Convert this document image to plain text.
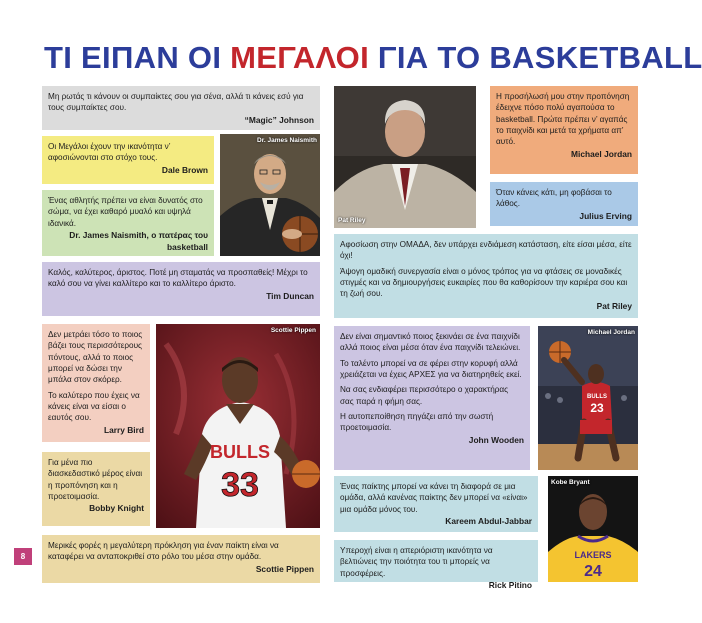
ΤΙ ΕΙΠΑΝ ΟΙ ΜΕΓΑΛΟΙ ΓΙΑ ΤΟ BASKETBALL

Μη ρωτάς τι κάνουν οι συμπαίκτες σου για σένα, αλλά τι κάνεις εσύ για τους συμπαίκτες σου.

“Magic” Johnson

Οι Μεγάλοι έχουν την ικανότητα ν’ αφοσιώνονται στο στόχο τους.

Dale Brown

Ένας αθλητής πρέπει να είναι δυνατός στο σώμα, να έχει καθαρό μυαλό και υψηλά ιδανικά.

Dr. James Naismith, ο πατέρας του basketball
Dr. James Naismith

Καλός, καλύτερος, άριστος. Ποτέ μη σταματάς να προσπαθείς! Μέχρι το καλό σου να γίνει καλλίτερο και το καλλίτερο άριστο.

Tim Duncan

Δεν μετράει τόσο το ποιος βάζει τους περισσότερους πόντους, αλλά το ποιος μπορεί να δώσει την μπάλα στον σκόρερ.

Το καλύτερο που έχεις να κάνεις είναι να είσαι ο εαυτός σου.

Larry Bird

Για μένα πιο διασκεδαστικό μέρος είναι η προπόνηση και η προετοιμασία.

Bobby Knight
BULLS
33
Scottie Pippen

Μερικές φορές η μεγαλύτερη πρόκληση για έναν παίκτη είναι να καταφέρει να ανταποκριθεί στο ρόλο του μέσα στην ομάδα.

Scottie Pippen
Pat Riley

Η προσήλωσή μου στην προπόνηση έδειχνε πόσο πολύ αγαπούσα το basketball. Πρώτα πρέπει ν’ αγαπάς το παιχνίδι και μετά τα χρήματα απ’ αυτό.

Michael Jordan

Όταν κάνεις κάτι, μη φοβάσαι το λάθος.

Julius Erving

Αφοσίωση στην ΟΜΑΔΑ, δεν υπάρχει ενδιάμεση κατάσταση, είτε είσαι μέσα, είτε όχι!

Άψογη ομαδική συνεργασία είναι ο μόνος τρόπος για να φτάσεις σε μοναδικές στιγμές και να δημιουργήσεις ευκαιρίες που θα καθορίσουν την καριέρα σου και τη ζωή σου.

Pat Riley

Δεν είναι σημαντικό ποιος ξεκινάει σε ένα παιχνίδι αλλά ποιος είναι μέσα όταν ένα παιχνίδι τελειώνει.

Το ταλέντο μπορεί να σε φέρει στην κορυφή αλλά χρειάζεται να έχεις ΑΡΧΕΣ για να διατηρηθείς εκεί.

Να σας ενδιαφέρει περισσότερο ο χαρακτήρας σας παρά η φήμη σας.

Η αυτοπεποίθηση πηγάζει από την σωστή προετοιμασία.

John Wooden
BULLS
23
Michael Jordan

Ένας παίκτης μπορεί να κάνει τη διαφορά σε μια ομάδα, αλλά κανένας παίκτης δεν μπορεί να «είναι» μια ομάδα μόνος του.

Kareem Abdul-Jabbar

Υπεροχή είναι η απεριόριστη ικανότητα να βελτιώνεις την ποιότητα του τι μπορείς να προσφέρεις.

Rick Pitino
LAKERS
24
Kobe Bryant
8
